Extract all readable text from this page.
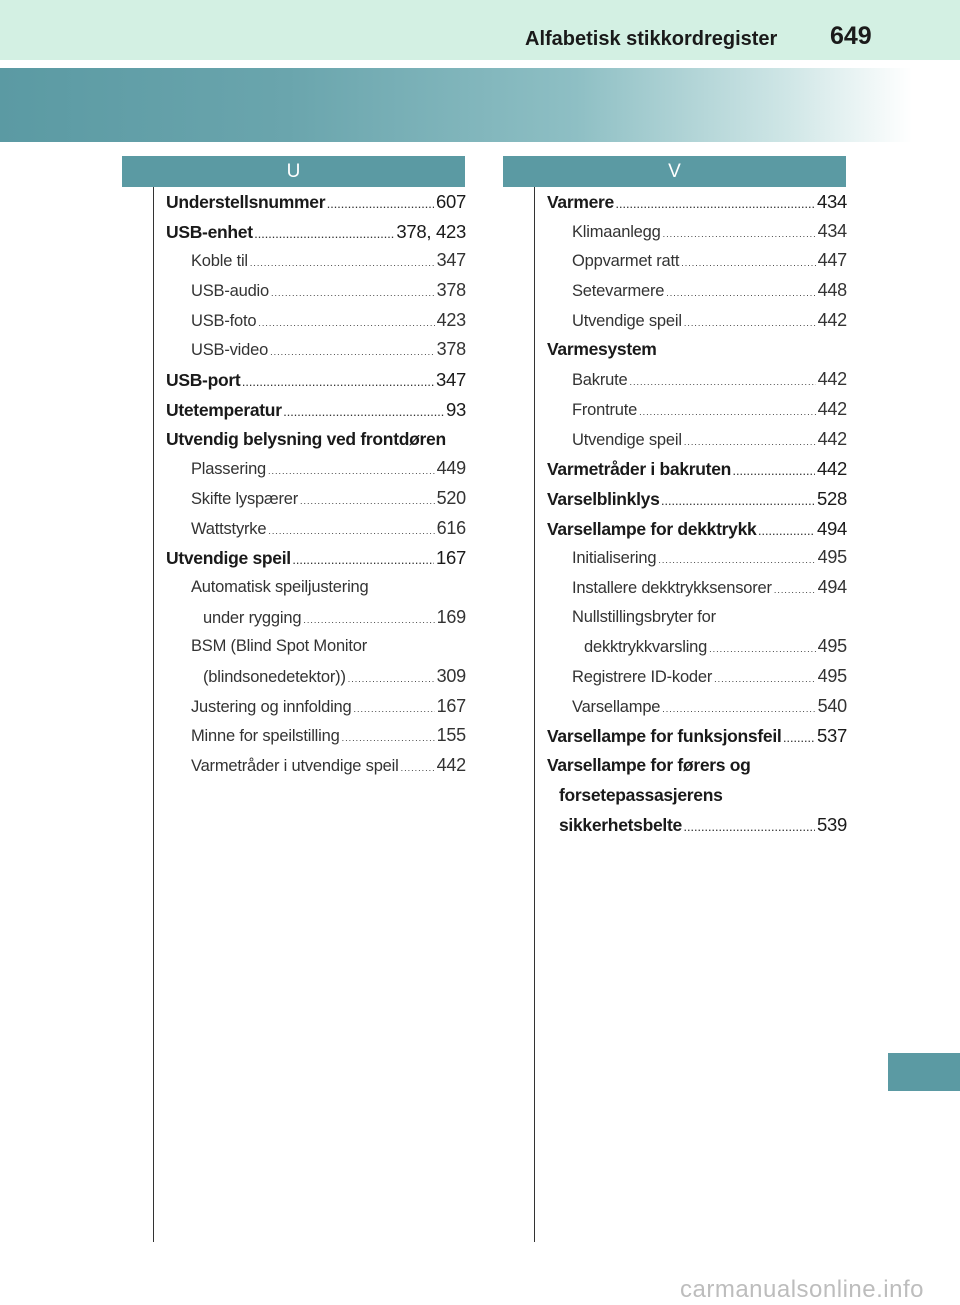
Alfabetisk stikkordregister 649
U	V
Understellsnummer .....	607
USB-enhet .....	378, 423
Koble til .....	347
USB-audio .....	378
USB-foto .....	423
USB-video .....	378
USB-port .....	347
Utetemperatur .....	93
Utvendig belysning ved frontdøren
Plassering .....	449
Skifte lyspærer .....	520
Wattstyrke .....	616
Utvendige speil .....	167
Automatisk speiljustering
under rygging .....	169
BSM (Blind Spot Monitor
(blindsonedetektor)) .....	309
Justering og innfolding .....	167
Minne for speilstilling .....	155
Varmetråder i utvendige speil ..... 442
Varmere .....	434
Klimaanlegg .....	434
Oppvarmet ratt .....	447
Setevarmere .....	448
Utvendige speil .....	442
Varmesystem
Bakrute .....	442
Frontrute .....	442
Utvendige speil .....	442
Varmetråder i bakruten .....	442
Varselblinklys .....	528
Varsellampe for dekktrykk .....	494
Initialisering .....	495
Installere dekktrykksensorer .....	494
Nullstillingsbryter for
dekktrykkvarsling .....	495
Registrere ID-koder .....	495
Varsellampe .....	540
Varsellampe for funksjonsfeil ..... 537
Varsellampe for førers og
forsetepassasjerens
sikkerhetsbelte .....	539
carmanualsonline.info
